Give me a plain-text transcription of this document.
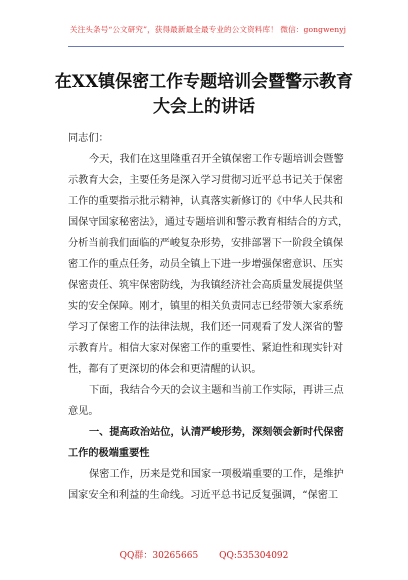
关注头条号“公文研究”，获得最新最全最专业的公文资料库！ 微信：gongwenyj
在XX镇保密工作专题培训会暨警示教育
大会上的讲话
同志们：
今天，我们在这里隆重召开全镇保密工作专题培训会暨警
示教育大会，主要任务是深入学习贯彻习近平总书记关于保密
工作的重要指示批示精神，认真落实新修订的《中华人民共和
国保守国家秘密法》，通过专题培训和警示教育相结合的方式，
分析当前我们面临的严峻复杂形势，安排部署下一阶段全镇保
密工作的重点任务，动员全镇上下进一步增强保密意识、压实
保密责任、筑牢保密防线，为我镇经济社会高质量发展提供坚
实的安全保障。刚才，镇里的相关负责同志已经带领大家系统
学习了保密工作的法律法规，我们还一同观看了发人深省的警
示教育片。相信大家对保密工作的重要性、紧迫性和现实针对
性，都有了更深切的体会和更清醒的认识。
下面，我结合今天的会议主题和当前工作实际，再讲三点
意见。
一、提高政治站位，认清严峻形势，深刻领会新时代保密
工作的极端重要性
保密工作，历来是党和国家一项极端重要的工作，是维护
国家安全和利益的生命线。习近平总书记反复强调，“保密工
QQ群：30265665 QQ:535304092
